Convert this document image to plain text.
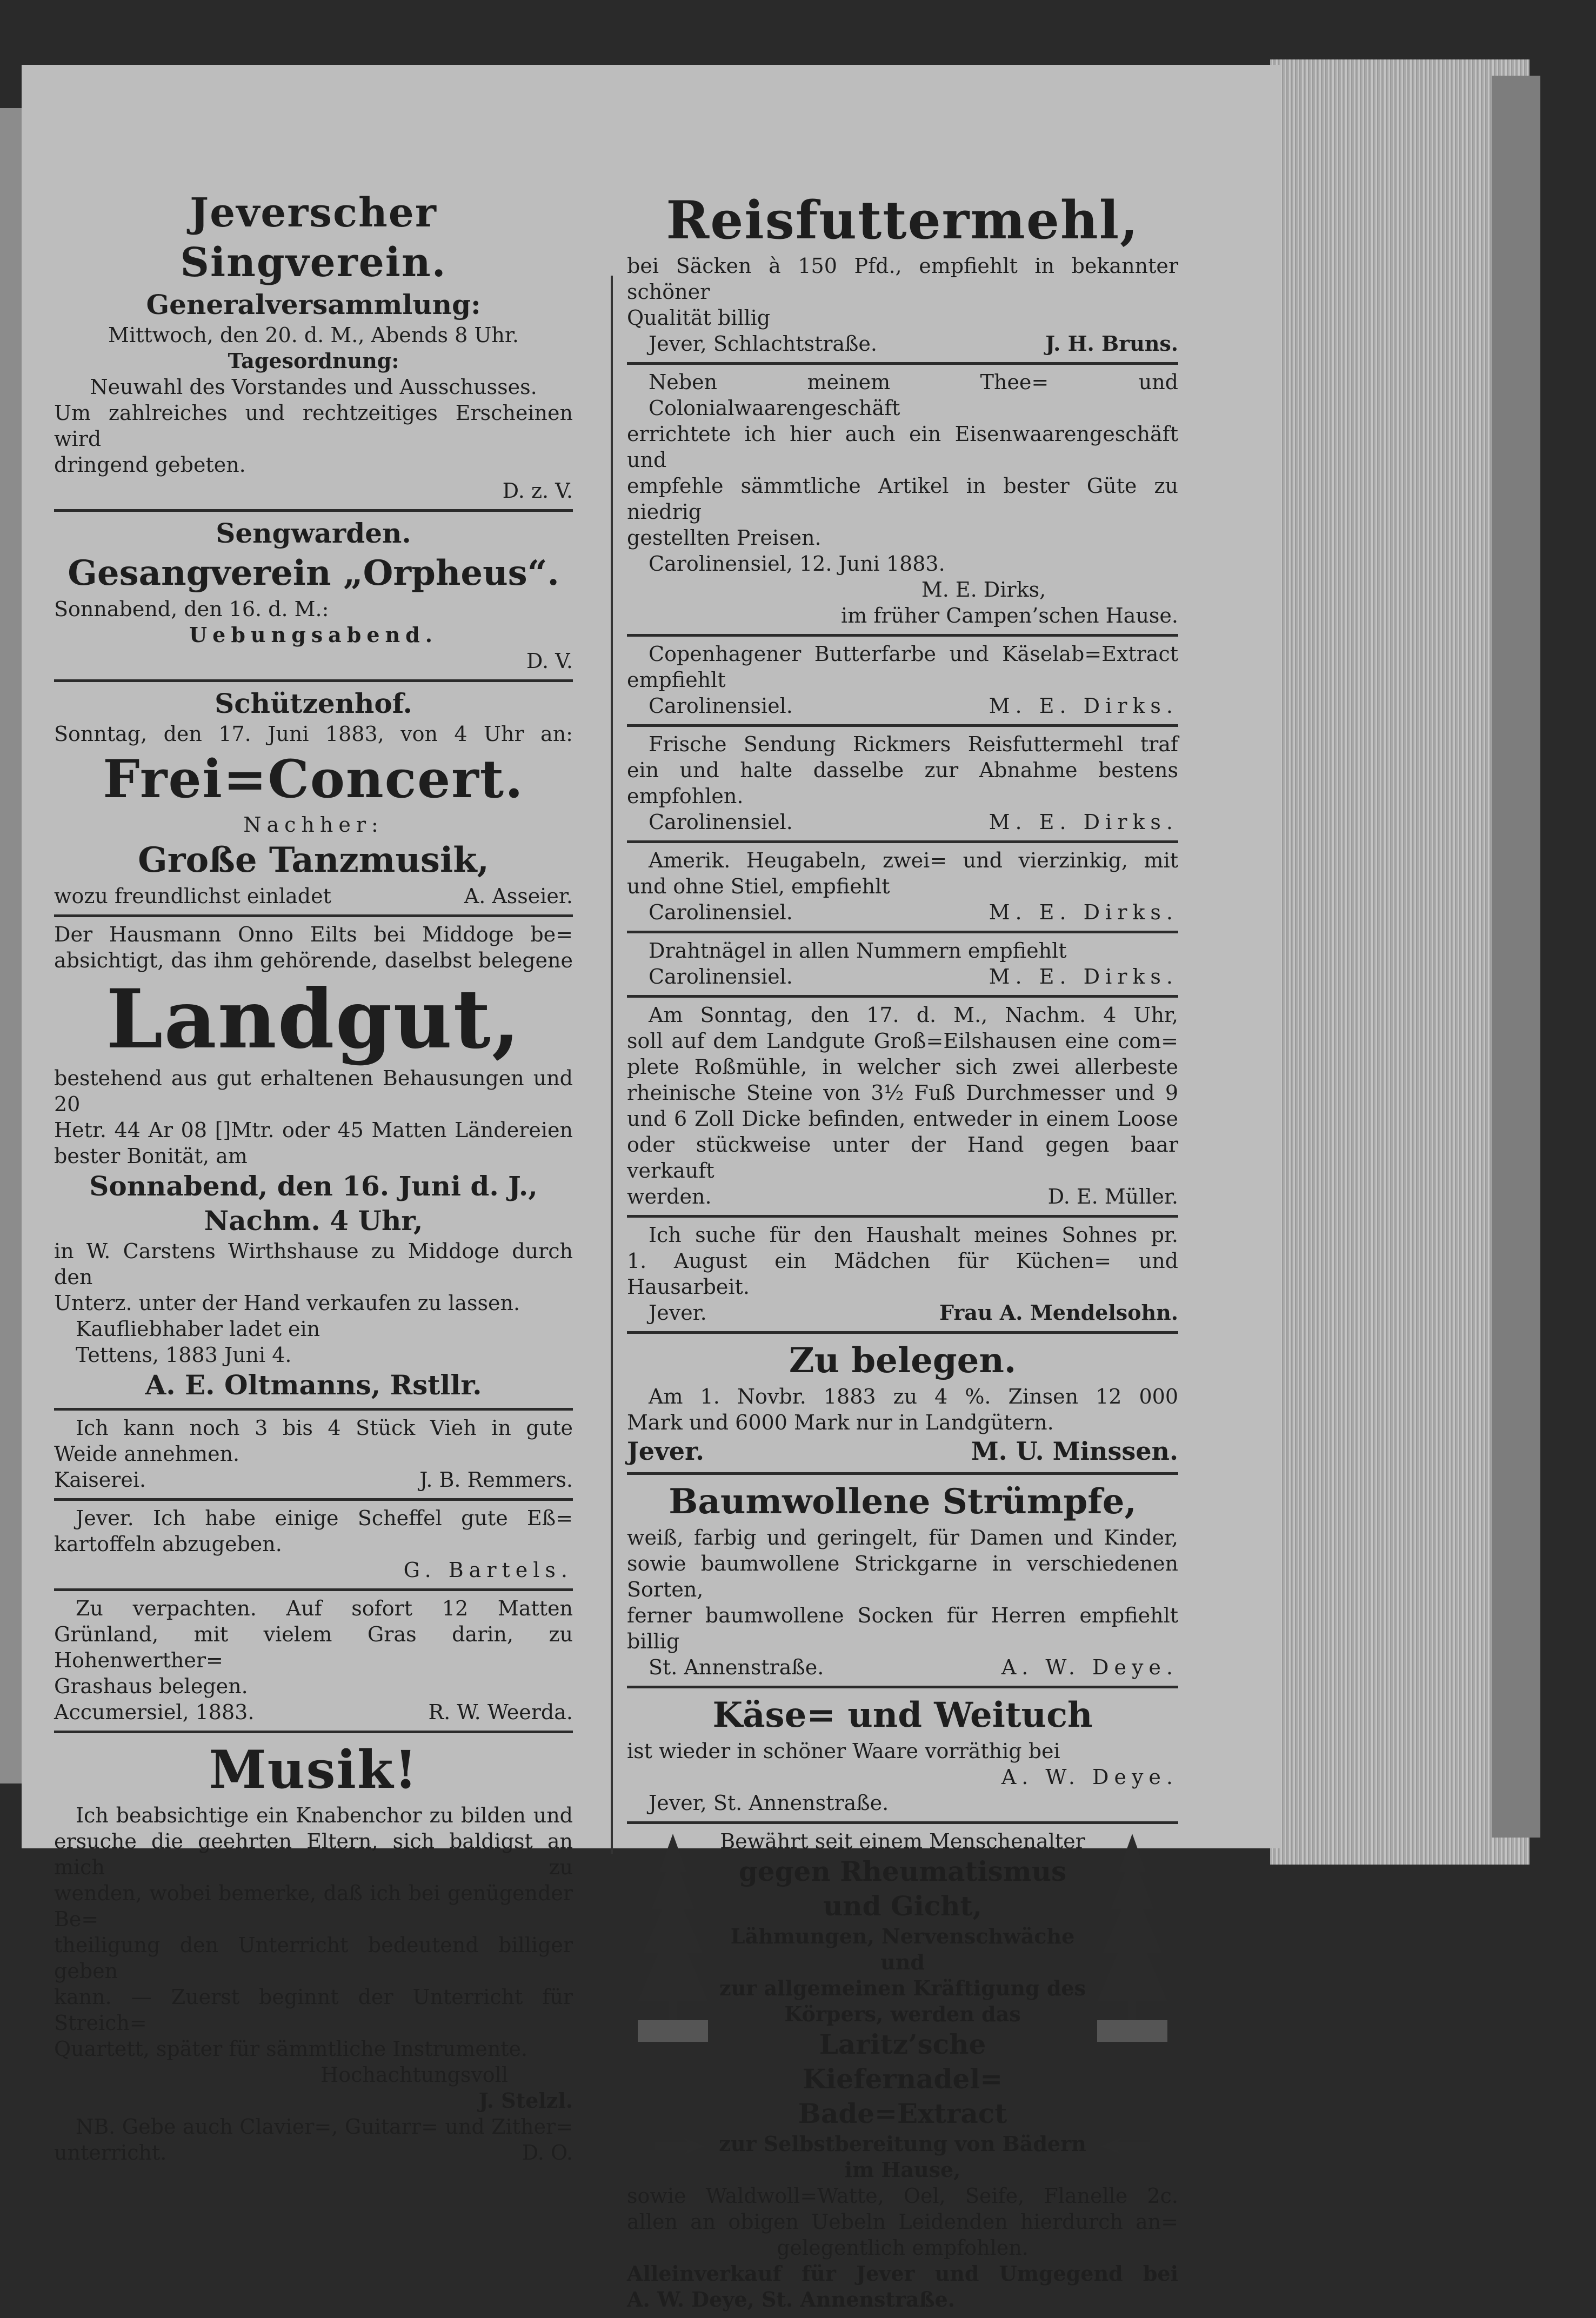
Jeverscher Singverein.

Generalversammlung:

Mittwoch, den 20. d. M., Abends 8 Uhr.

Tagesordnung:

Neuwahl des Vorstandes und Ausschusses.

Um zahlreiches und rechtzeitiges Erscheinen wird

dringend gebeten.

D. z. V.

Sengwarden.

Gesangverein „Orpheus“.

Sonnabend, den 16. d. M.:

Uebungsabend.

D. V.

Schützenhof.

Sonntag, den 17. Juni 1883, von 4 Uhr an:

Frei=Concert.

Nachher:

Große Tanzmusik,

wozu freundlichst einladet	A. Asseier.

Der Hausmann Onno Eilts bei Middoge be=

absichtigt, das ihm gehörende, daselbst belegene

Landgut,

bestehend aus gut erhaltenen Behausungen und 20

Hetr. 44 Ar 08 []Mtr. oder 45 Matten Ländereien

bester Bonität, am

Sonnabend, den 16. Juni d. J.,

Nachm. 4 Uhr,

in W. Carstens Wirthshause zu Middoge durch den

Unterz. unter der Hand verkaufen zu lassen.

Kaufliebhaber ladet ein

Tettens, 1883 Juni 4.

A. E. Oltmanns, Rstllr.

Ich kann noch 3 bis 4 Stück Vieh in gute

Weide annehmen.

Kaiserei.	J. B. Remmers.

Jever. Ich habe einige Scheffel gute Eß=

kartoffeln abzugeben.

G. Bartels.

Zu verpachten. Auf sofort 12 Matten

Grünland, mit vielem Gras darin, zu Hohenwerther=

Grashaus belegen.

Accumersiel, 1883.	R. W. Weerda.

Musik!

Ich beabsichtige ein Knabenchor zu bilden und

ersuche die geehrten Eltern, sich baldigst an mich zu

wenden, wobei bemerke, daß ich bei genügender Be=

theiligung den Unterricht bedeutend billiger geben

kann. — Zuerst beginnt der Unterricht für Streich=

Quartett, später für sämmtliche Instrumente.

Hochachtungsvoll

J. Stelzl.

NB. Gebe auch Clavier=, Guitarr= und Zither=

unterricht.	D. O.

Reisfuttermehl,

bei Säcken à 150 Pfd., empfiehlt in bekannter schöner

Qualität billig

Jever, Schlachtstraße.	J. H. Bruns.

Neben meinem Thee= und Colonialwaarengeschäft

errichtete ich hier auch ein Eisenwaarengeschäft und

empfehle sämmtliche Artikel in bester Güte zu niedrig

gestellten Preisen.

Carolinensiel, 12. Juni 1883.

M. E. Dirks,

im früher Campen’schen Hause.

Copenhagener Butterfarbe und Käselab=Extract

empfiehlt

Carolinensiel.	M. E. Dirks.

Frische Sendung Rickmers Reisfuttermehl traf

ein und halte dasselbe zur Abnahme bestens empfohlen.

Carolinensiel.	M. E. Dirks.

Amerik. Heugabeln, zwei= und vierzinkig, mit

und ohne Stiel, empfiehlt

Carolinensiel.	M. E. Dirks.

Drahtnägel in allen Nummern empfiehlt

Carolinensiel.	M. E. Dirks.

Am Sonntag, den 17. d. M., Nachm. 4 Uhr,

soll auf dem Landgute Groß=Eilshausen eine com=

plete Roßmühle, in welcher sich zwei allerbeste

rheinische Steine von 3½ Fuß Durchmesser und 9

und 6 Zoll Dicke befinden, entweder in einem Loose

oder stückweise unter der Hand gegen baar verkauft

werden.	D. E. Müller.

Ich suche für den Haushalt meines Sohnes pr.

1. August ein Mädchen für Küchen= und Hausarbeit.

Jever.	Frau A. Mendelsohn.

Zu belegen.

Am 1. Novbr. 1883 zu 4 %. Zinsen 12 000

Mark und 6000 Mark nur in Landgütern.

Jever.	M. U. Minssen.

Baumwollene Strümpfe,

weiß, farbig und geringelt, für Damen und Kinder,

sowie baumwollene Strickgarne in verschiedenen Sorten,

ferner baumwollene Socken für Herren empfiehlt billig

St. Annenstraße.	A. W. Deye.

Käse= und Weituch

ist wieder in schöner Waare vorräthig bei

A. W. Deye.

Jever, St. Annenstraße.

Bewährt seit einem Menschenalter

gegen Rheumatismus

und Gicht,

Lähmungen, Nervenschwäche und

zur allgemeinen Kräftigung des

Körpers, werden das

Laritz’sche Kiefernadel=

Bade=Extract

zur Selbstbereitung von Bädern

im Hause,

sowie Waldwoll=Watte, Oel, Seife, Flanelle 2c.

allen an obigen Uebeln Leidenden hierdurch an=

gelegentlich empfohlen.

Alleinverkauf für Jever und Umgegend bei

A. W. Deye, St. Annenstraße.
